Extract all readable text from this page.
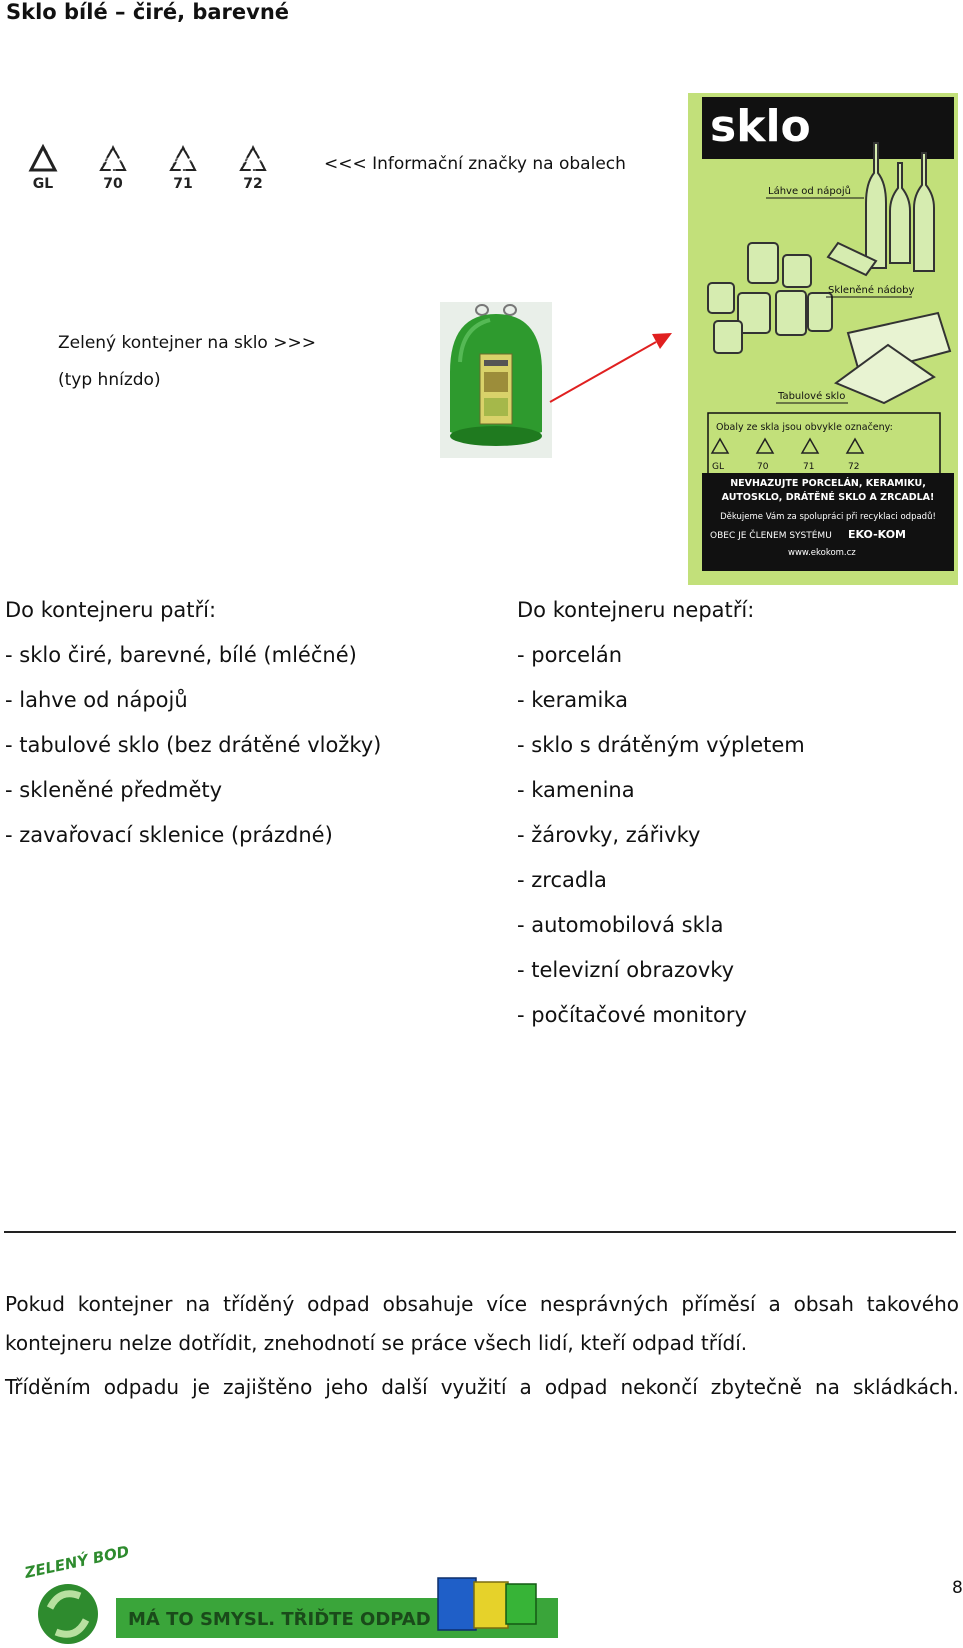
Sklo bílé – čiré, barevné
GL	70	71	72
<<< Informační značky na obalech
Zelený kontejner na sklo >>>
(typ hnízdo)
sklo
Láhve od nápojů
Skleněné nádoby
Tabulové sklo
Obaly ze skla jsou obvykle označeny:
GL	70	71	72
NEVHAZUJTE PORCELÁN, KERAMIKU,
AUTOSKLO, DRÁTĚNÉ SKLO A ZRCADLA!
Děkujeme Vám za spolupráci při recyklaci odpadů!
OBEC JE ČLENEM SYSTÉMU EKO-KOM
www.ekokom.cz
Do kontejneru patří:
- sklo čiré, barevné, bílé (mléčné)
- lahve od nápojů
- tabulové sklo (bez drátěné vložky)
- skleněné předměty
- zavařovací sklenice (prázdné)
Do kontejneru nepatří:
- porcelán
- keramika
- sklo s drátěným výpletem
- kamenina
- žárovky, zářivky
- zrcadla
- automobilová skla
- televizní obrazovky
- počítačové monitory
Pokud kontejner na tříděný odpad obsahuje více nesprávných příměsí a obsah takového
kontejneru nelze dotřídit, znehodnotí se práce všech lidí, kteří odpad třídí.
Tříděním odpadu je zajištěno jeho další využití a odpad nekončí zbytečně na skládkách.
ZELENÝ BOD
MÁ TO SMYSL. TŘIĎTE ODPAD
8
